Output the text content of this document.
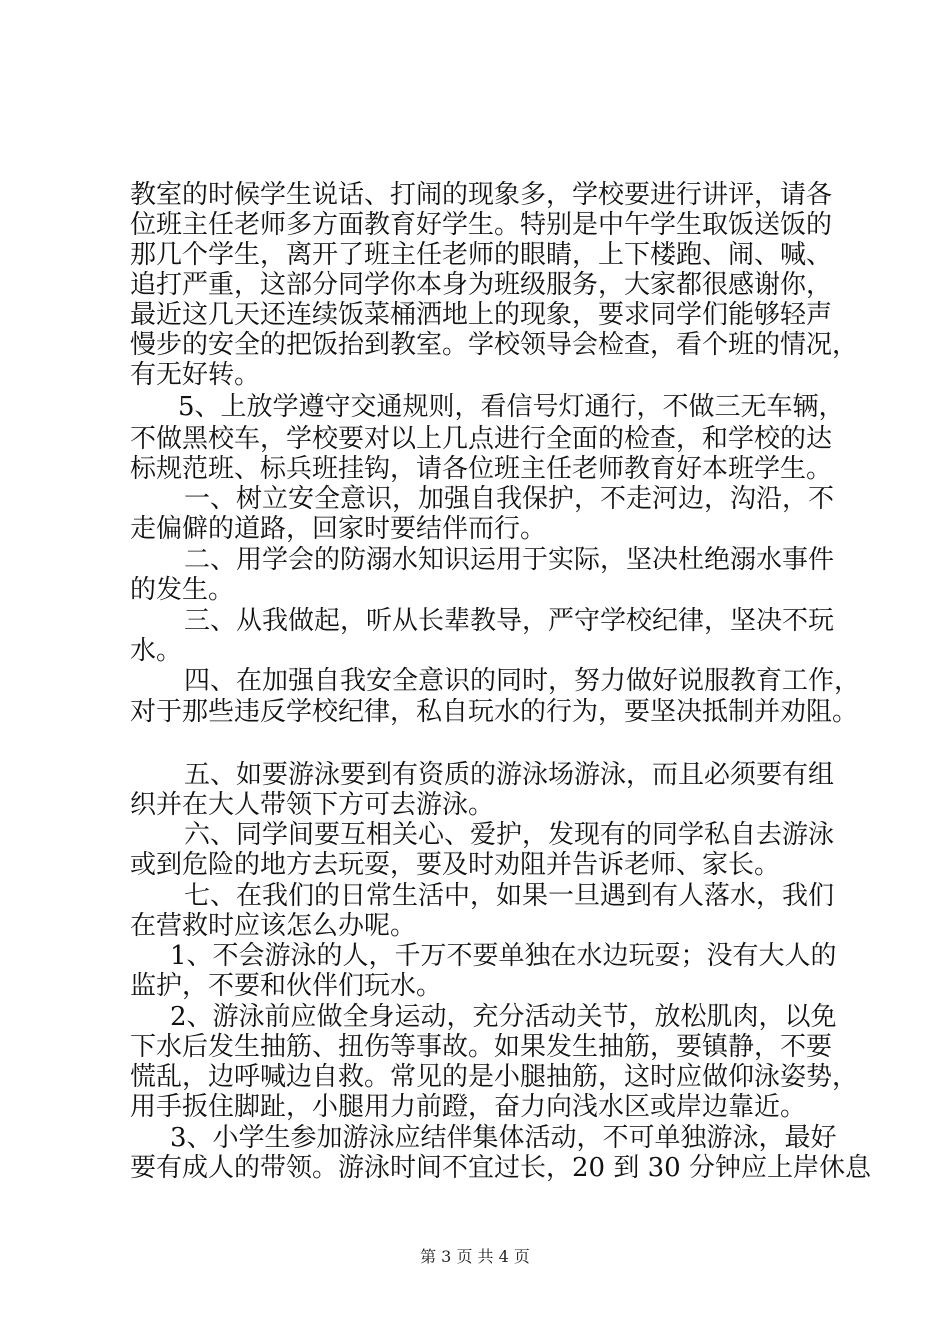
教室的时候学生说话、打闹的现象多，学校要进行讲评，请各
位班主任老师多方面教育好学生。特别是中午学生取饭送饭的
那几个学生，离开了班主任老师的眼睛，上下楼跑、闹、喊、
追打严重，这部分同学你本身为班级服务，大家都很感谢你，
最近这几天还连续饭菜桶洒地上的现象，要求同学们能够轻声
慢步的安全的把饭抬到教室。学校领导会检查，看个班的情况，
有无好转。
5、上放学遵守交通规则，看信号灯通行，不做三无车辆，
不做黑校车，学校要对以上几点进行全面的检查，和学校的达
标规范班、标兵班挂钩，请各位班主任老师教育好本班学生。
一、树立安全意识，加强自我保护，不走河边，沟沿，不
走偏僻的道路，回家时要结伴而行。
二、用学会的防溺水知识运用于实际，坚决杜绝溺水事件
的发生。
三、从我做起，听从长辈教导，严守学校纪律，坚决不玩
水。
四、在加强自我安全意识的同时，努力做好说服教育工作，
对于那些违反学校纪律，私自玩水的行为，要坚决抵制并劝阻。
五、如要游泳要到有资质的游泳场游泳，而且必须要有组
织并在大人带领下方可去游泳。
六、同学间要互相关心、爱护，发现有的同学私自去游泳
或到危险的地方去玩耍，要及时劝阻并告诉老师、家长。
七、在我们的日常生活中，如果一旦遇到有人落水，我们
在营救时应该怎么办呢。
1、不会游泳的人，千万不要单独在水边玩耍；没有大人的
监护，不要和伙伴们玩水。
2、游泳前应做全身运动，充分活动关节，放松肌肉，以免
下水后发生抽筋、扭伤等事故。如果发生抽筋，要镇静，不要
慌乱，边呼喊边自救。常见的是小腿抽筋，这时应做仰泳姿势，
用手扳住脚趾，小腿用力前蹬，奋力向浅水区或岸边靠近。
3、小学生参加游泳应结伴集体活动，不可单独游泳，最好
要有成人的带领。游泳时间不宜过长，20 到 30 分钟应上岸休息
第 3 页 共 4 页
